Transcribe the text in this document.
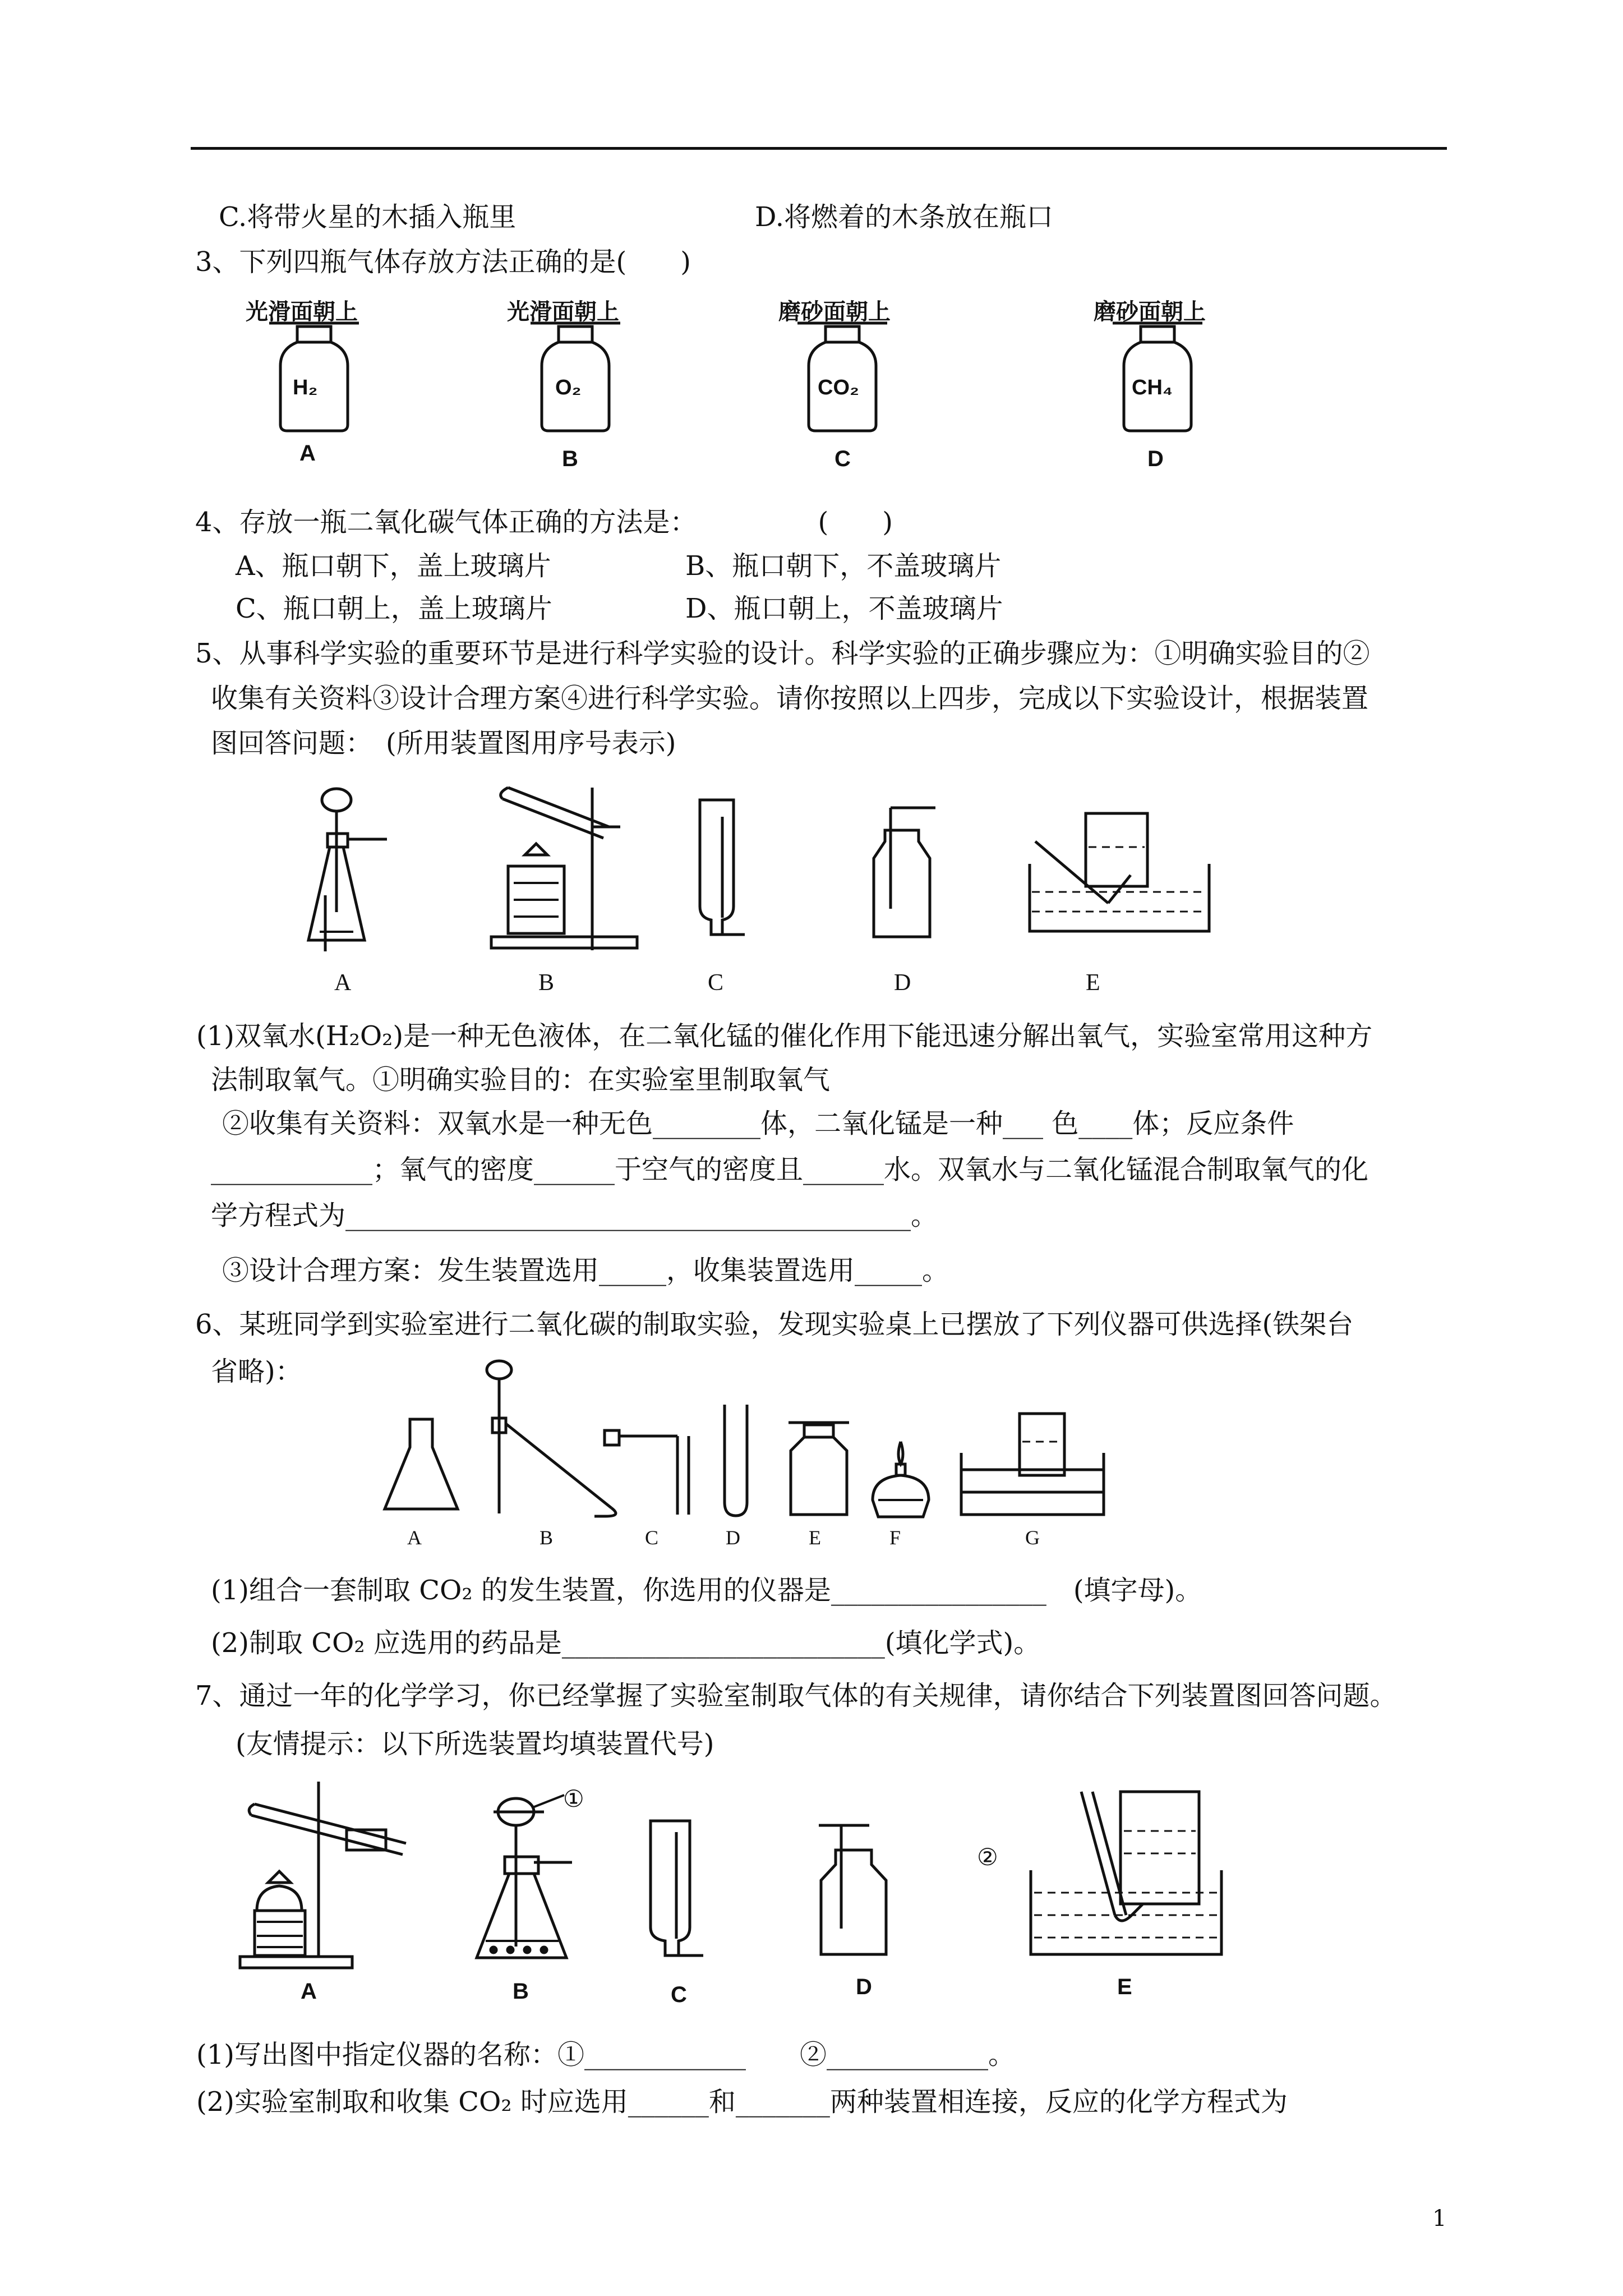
C.将带火星的木插入瓶里	D.将燃着的木条放在瓶口
3、下列四瓶气体存放方法正确的是(　　)
光滑面朝上	光滑面朝上	磨砂面朝上	磨砂面朝上
H₂	O₂	CO₂	CH₄
A	B	C	D
4、存放一瓶二氧化碳气体正确的方法是：　　　　　(　　)
A、瓶口朝下，盖上玻璃片	B、瓶口朝下，不盖玻璃片
C、瓶口朝上，盖上玻璃片	D、瓶口朝上，不盖玻璃片
5、从事科学实验的重要环节是进行科学实验的设计。科学实验的正确步骤应为：①明确实验目的②
收集有关资料③设计合理方案④进行科学实验。请你按照以上四步，完成以下实验设计，根据装置
图回答问题：　(所用装置图用序号表示)
A	B	C	D	E
(1)双氧水(H₂O₂)是一种无色液体，在二氧化锰的催化作用下能迅速分解出氧气，实验室常用这种方
法制取氧气。①明确实验目的：在实验室里制取氧气
②收集有关资料：双氧水是一种无色________体，二氧化锰是一种___ 色____体；反应条件
____________；氧气的密度______于空气的密度且______水。双氧水与二氧化锰混合制取氧气的化
学方程式为__________________________________________。
③设计合理方案：发生装置选用_____，收集装置选用_____。
6、某班同学到实验室进行二氧化碳的制取实验，发现实验桌上已摆放了下列仪器可供选择(铁架台
省略)：
A	B	C	D	E	F	G
(1)组合一套制取 CO₂ 的发生装置，你选用的仪器是________________　(填字母)。
(2)制取 CO₂ 应选用的药品是________________________(填化学式)。
7、通过一年的化学学习，你已经掌握了实验室制取气体的有关规律，请你结合下列装置图回答问题。
(友情提示：以下所选装置均填装置代号)
①
②
A	B	C	D	E
(1)写出图中指定仪器的名称：①____________　　②____________。
(2)实验室制取和收集 CO₂ 时应选用______和_______两种装置相连接，反应的化学方程式为
1
